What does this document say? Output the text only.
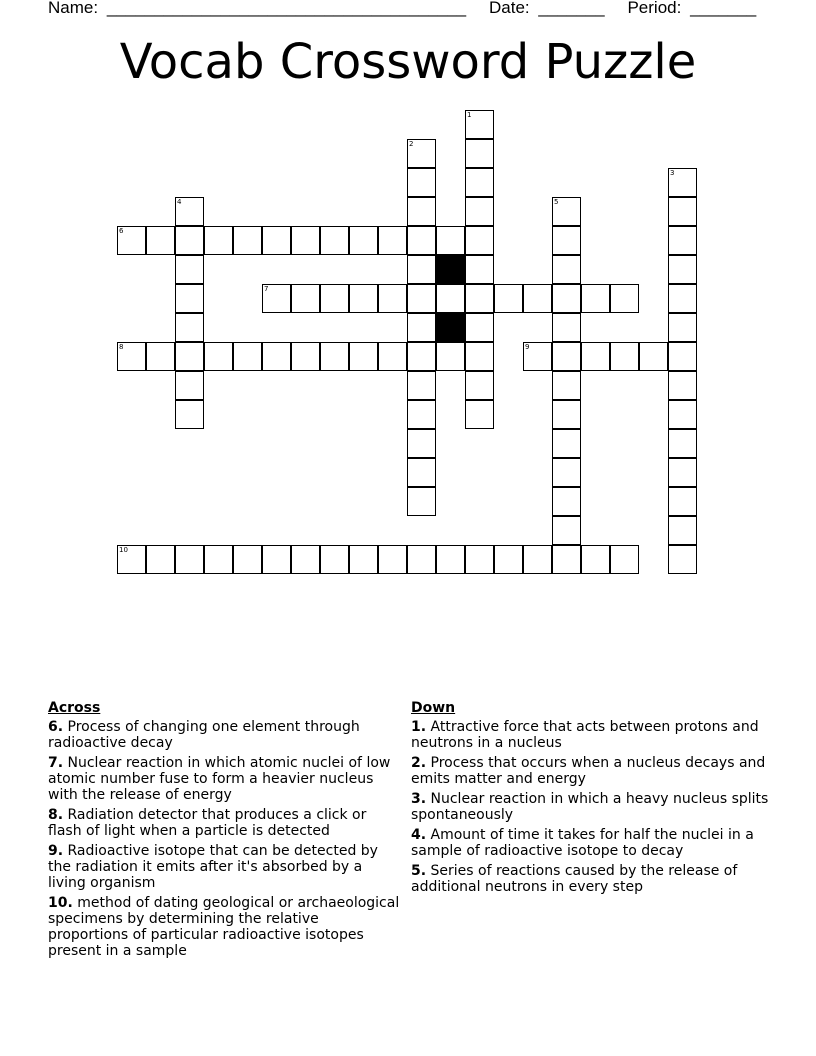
Name: ______________________________________ Date: _______ Period: _______
Vocab Crossword Puzzle
1
2
3
4	5
6
7
8	9
10
Across
6. Process of changing one element through radioactive decay
7. Nuclear reaction in which atomic nuclei of low atomic number fuse to form a heavier nucleus with the release of energy
8. Radiation detector that produces a click or flash of light when a particle is detected
9. Radioactive isotope that can be detected by the radiation it emits after it's absorbed by a living organism
10. method of dating geological or archaeological specimens by determining the relative proportions of particular radioactive isotopes present in a sample
Down
1. Attractive force that acts between protons and neutrons in a nucleus
2. Process that occurs when a nucleus decays and emits matter and energy
3. Nuclear reaction in which a heavy nucleus splits spontaneously
4. Amount of time it takes for half the nuclei in a sample of radioactive isotope to decay
5. Series of reactions caused by the release of additional neutrons in every step
